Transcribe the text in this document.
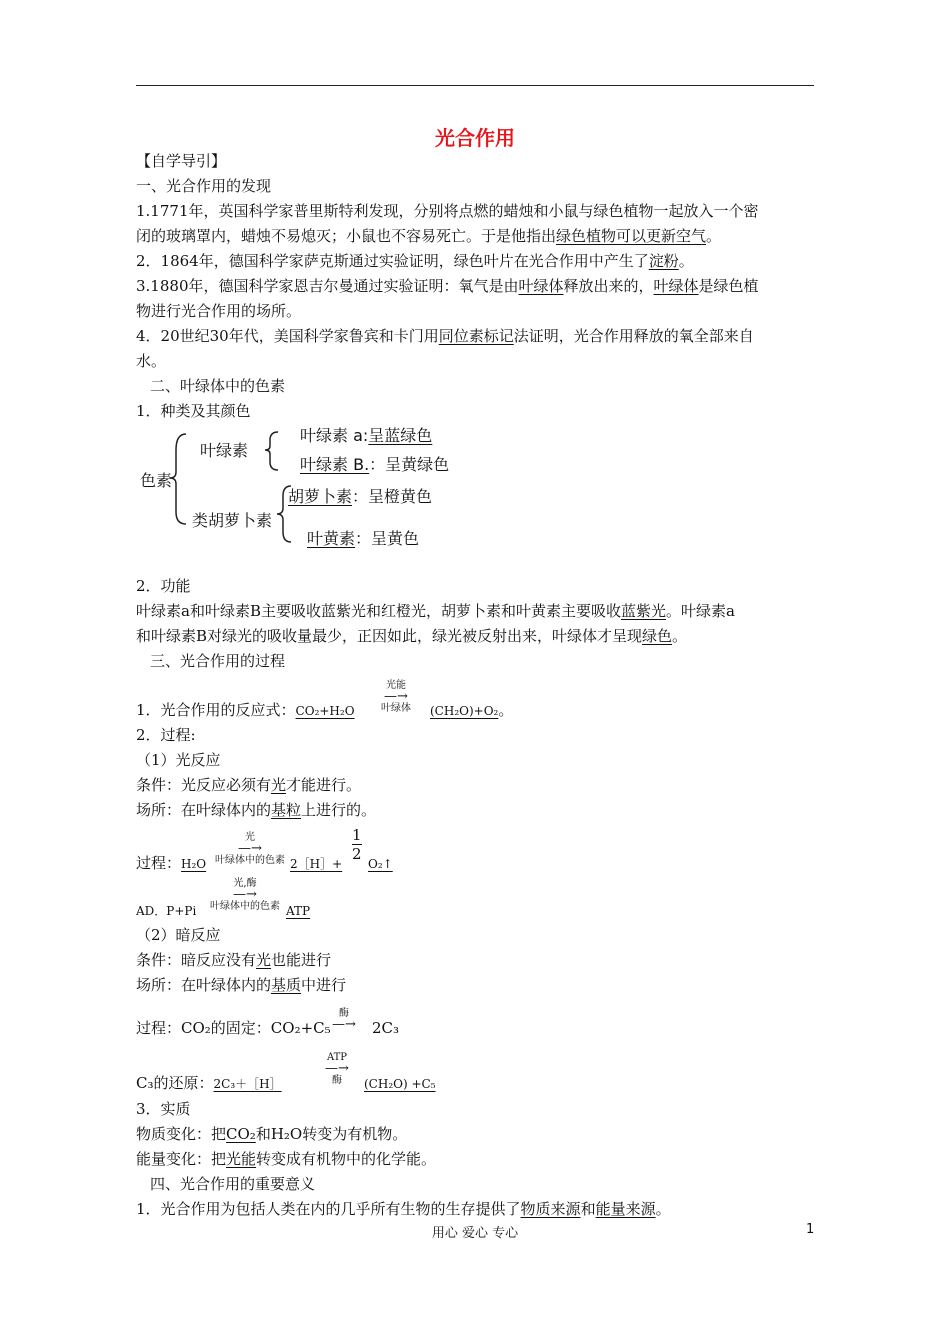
光合作用
【自学导引】
一、光合作用的发现
1.1771年，英国科学家普里斯特利发现，分别将点燃的蜡烛和小鼠与绿色植物一起放入一个密
闭的玻璃罩内，蜡烛不易熄灭；小鼠也不容易死亡。于是他指出绿色植物可以更新空气。
2．1864年，德国科学家萨克斯通过实验证明，绿色叶片在光合作用中产生了淀粉。
3.1880年，德国科学家恩吉尔曼通过实验证明：氧气是由叶绿体释放出来的，叶绿体是绿色植
物进行光合作用的场所。
4．20世纪30年代，美国科学家鲁宾和卡门用同位素标记法证明，光合作用释放的氧全部来自
水。
二、叶绿体中的色素
1．种类及其颜色
色素
叶绿素
叶绿素 a:呈蓝绿色
叶绿素 B.：呈黄绿色
类胡萝卜素
胡萝卜素：呈橙黄色
叶黄素：呈黄色
2．功能
叶绿素a和叶绿素B主要吸收蓝紫光和红橙光，胡萝卜素和叶黄素主要吸收蓝紫光。叶绿素a
和叶绿素B对绿光的吸收量最少，正因如此，绿光被反射出来，叶绿体才呈现绿色。
三、光合作用的过程
1．光合作用的反应式：CO₂+H₂O
光能
—→
叶绿体	(CH₂O)+O₂。
2．过程:
（1）光反应
条件：光反应必须有光才能进行。
场所：在叶绿体内的基粒上进行的。
过程：H₂O
光
—→
叶绿体中的色素 2［H］+
1
2
O₂↑
AD．P+Pi
光,酶
—→
叶绿体中的色素 ATP
（2）暗反应
条件：暗反应没有光也能进行
场所：在叶绿体内的基质中进行
过程：CO₂的固定：CO₂+C₅
酶
—→	2C₃
C₃的还原：2C₃＋［H］
ATP
—→
酶	(CH₂O) +C₅
3．实质
物质变化：把CO₂和H₂O转变为有机物。
能量变化：把光能转变成有机物中的化学能。
四、光合作用的重要意义
1．光合作用为包括人类在内的几乎所有生物的生存提供了物质来源和能量来源。
用心 爱心 专心	1
